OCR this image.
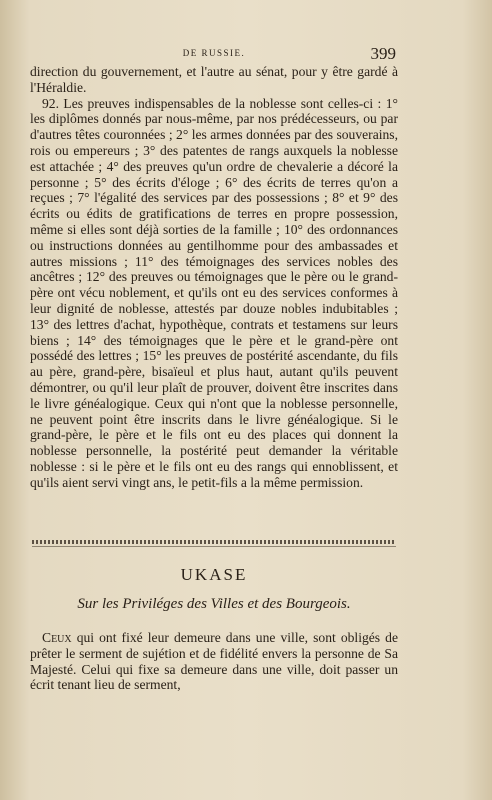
DE RUSSIE.	399

direction du gouvernement, et l'autre au sénat, pour y être gardé à l'Héraldie.

92. Les preuves indispensables de la noblesse sont celles-ci : 1° les diplômes donnés par nous-même, par nos prédécesseurs, ou par d'autres têtes couronnées ; 2° les armes données par des souverains, rois ou empereurs ; 3° des patentes de rangs auxquels la noblesse est attachée ; 4° des preuves qu'un ordre de chevalerie a décoré la personne ; 5° des écrits d'éloge ; 6° des écrits de terres qu'on a reçues ; 7° l'égalité des services par des possessions ; 8° et 9° des écrits ou édits de gratifications de terres en propre possession, même si elles sont déjà sorties de la famille ; 10° des ordonnances ou instructions données au gentilhomme pour des ambassades et autres missions ; 11° des témoignages des services nobles des ancêtres ; 12° des preuves ou témoignages que le père ou le grand-père ont vécu noblement, et qu'ils ont eu des services conformes à leur dignité de noblesse, attestés par douze nobles indubitables ; 13° des lettres d'achat, hypothèque, contrats et testamens sur leurs biens ; 14° des témoignages que le père et le grand-père ont possédé des lettres ; 15° les preuves de postérité ascendante, du fils au père, grand-père, bisaïeul et plus haut, autant qu'ils peuvent démontrer, ou qu'il leur plaît de prouver, doivent être inscrites dans le livre généalogique. Ceux qui n'ont que la noblesse personnelle, ne peuvent point être inscrits dans le livre généalogique. Si le grand-père, le père et le fils ont eu des places qui donnent la noblesse personnelle, la postérité peut demander la véritable noblesse : si le père et le fils ont eu des rangs qui ennoblissent, et qu'ils aient servi vingt ans, le petit-fils a la même permission.

UKASE
Sur les Priviléges des Villes et des Bourgeois.

Ceux qui ont fixé leur demeure dans une ville, sont obligés de prêter le serment de sujétion et de fidélité envers la personne de Sa Majesté. Celui qui fixe sa demeure dans une ville, doit passer un écrit tenant lieu de serment,
